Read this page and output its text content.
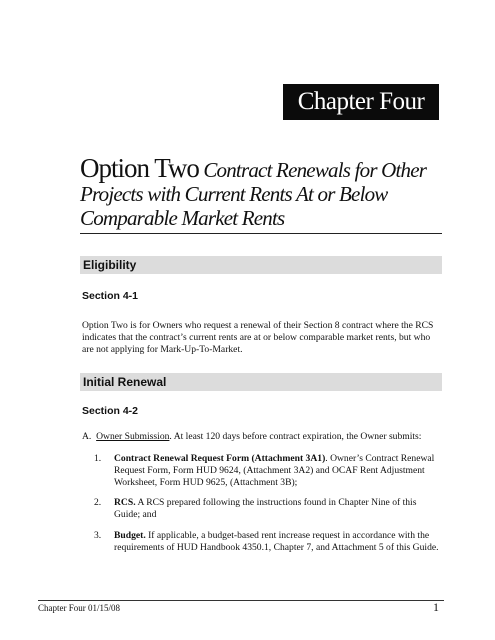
Chapter Four
Option Two Contract Renewals for Other Projects with Current Rents At or Below Comparable Market Rents
Eligibility
Section 4-1
Option Two is for Owners who request a renewal of their Section 8 contract where the RCS indicates that the contract’s current rents are at or below comparable market rents, but who are not applying for Mark-Up-To-Market.
Initial Renewal
Section 4-2
A. Owner Submission. At least 120 days before contract expiration, the Owner submits:
1.	Contract Renewal Request Form (Attachment 3A1). Owner’s Contract Renewal Request Form, Form HUD 9624, (Attachment 3A2) and OCAF Rent Adjustment Worksheet, Form HUD 9625, (Attachment 3B);
2.	RCS. A RCS prepared following the instructions found in Chapter Nine of this Guide; and
3.	Budget. If applicable, a budget-based rent increase request in accordance with the requirements of HUD Handbook 4350.1, Chapter 7, and Attachment 5 of this Guide.
Chapter Four 01/15/08	1
